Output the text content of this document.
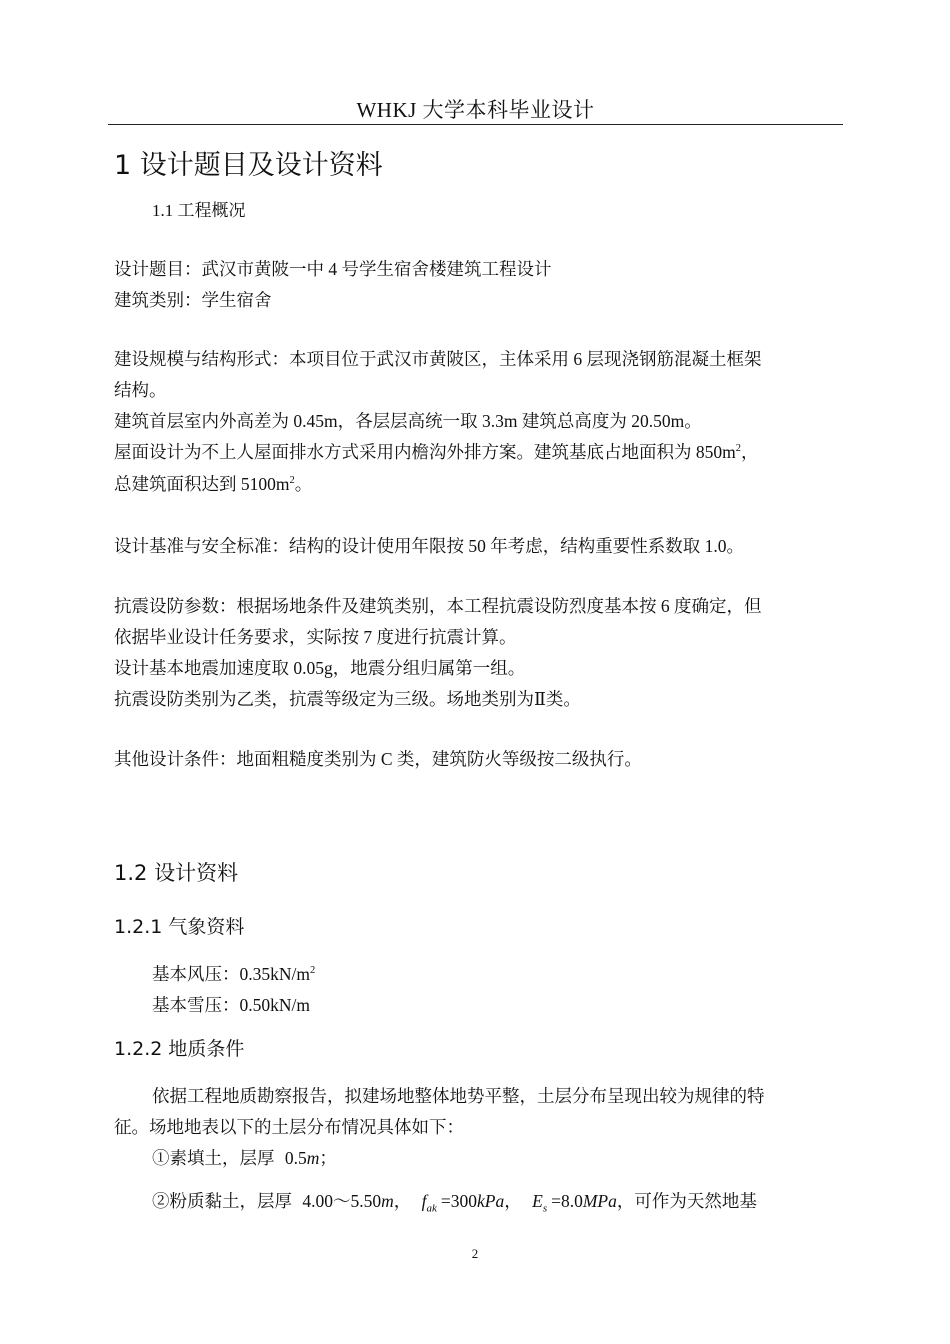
WHKJ 大学本科毕业设计
1 设计题目及设计资料
1.1 工程概况
设计题目：武汉市黄陂一中 4 号学生宿舍楼建筑工程设计
建筑类别：学生宿舍
建设规模与结构形式：本项目位于武汉市黄陂区，主体采用 6 层现浇钢筋混凝土框架
结构。
建筑首层室内外高差为 0.45m，各层层高统一取 3.3m 建筑总高度为 20.50m。
屋面设计为不上人屋面排水方式采用内檐沟外排方案。建筑基底占地面积为 $850m^2$，
总建筑面积达到 $5100m^2$。
设计基准与安全标准：结构的设计使用年限按 50 年考虑，结构重要性系数取 1.0。
抗震设防参数：根据场地条件及建筑类别，本工程抗震设防烈度基本按 6 度确定，但
依据毕业设计任务要求，实际按 7 度进行抗震计算。
设计基本地震加速度取 0.05g，地震分组归属第一组。
抗震设防类别为乙类，抗震等级定为三级。场地类别为Ⅱ类。
其他设计条件：地面粗糙度类别为 C 类，建筑防火等级按二级执行。
1.2 设计资料
1.2.1 气象资料
基本风压：$0.35kN/m^2$
基本雪压：0.50kN/m
1.2.2 地质条件
依据工程地质勘察报告，拟建场地整体地势平整，土层分布呈现出较为规律的特
征。场地地表以下的土层分布情况具体如下：
①素填土，层厚 0.5m；
②粉质黏土，层厚 4.00～5.50m， $f_{ak} =300kPa$， $E_s =8.0MPa$，可作为天然地基
2
